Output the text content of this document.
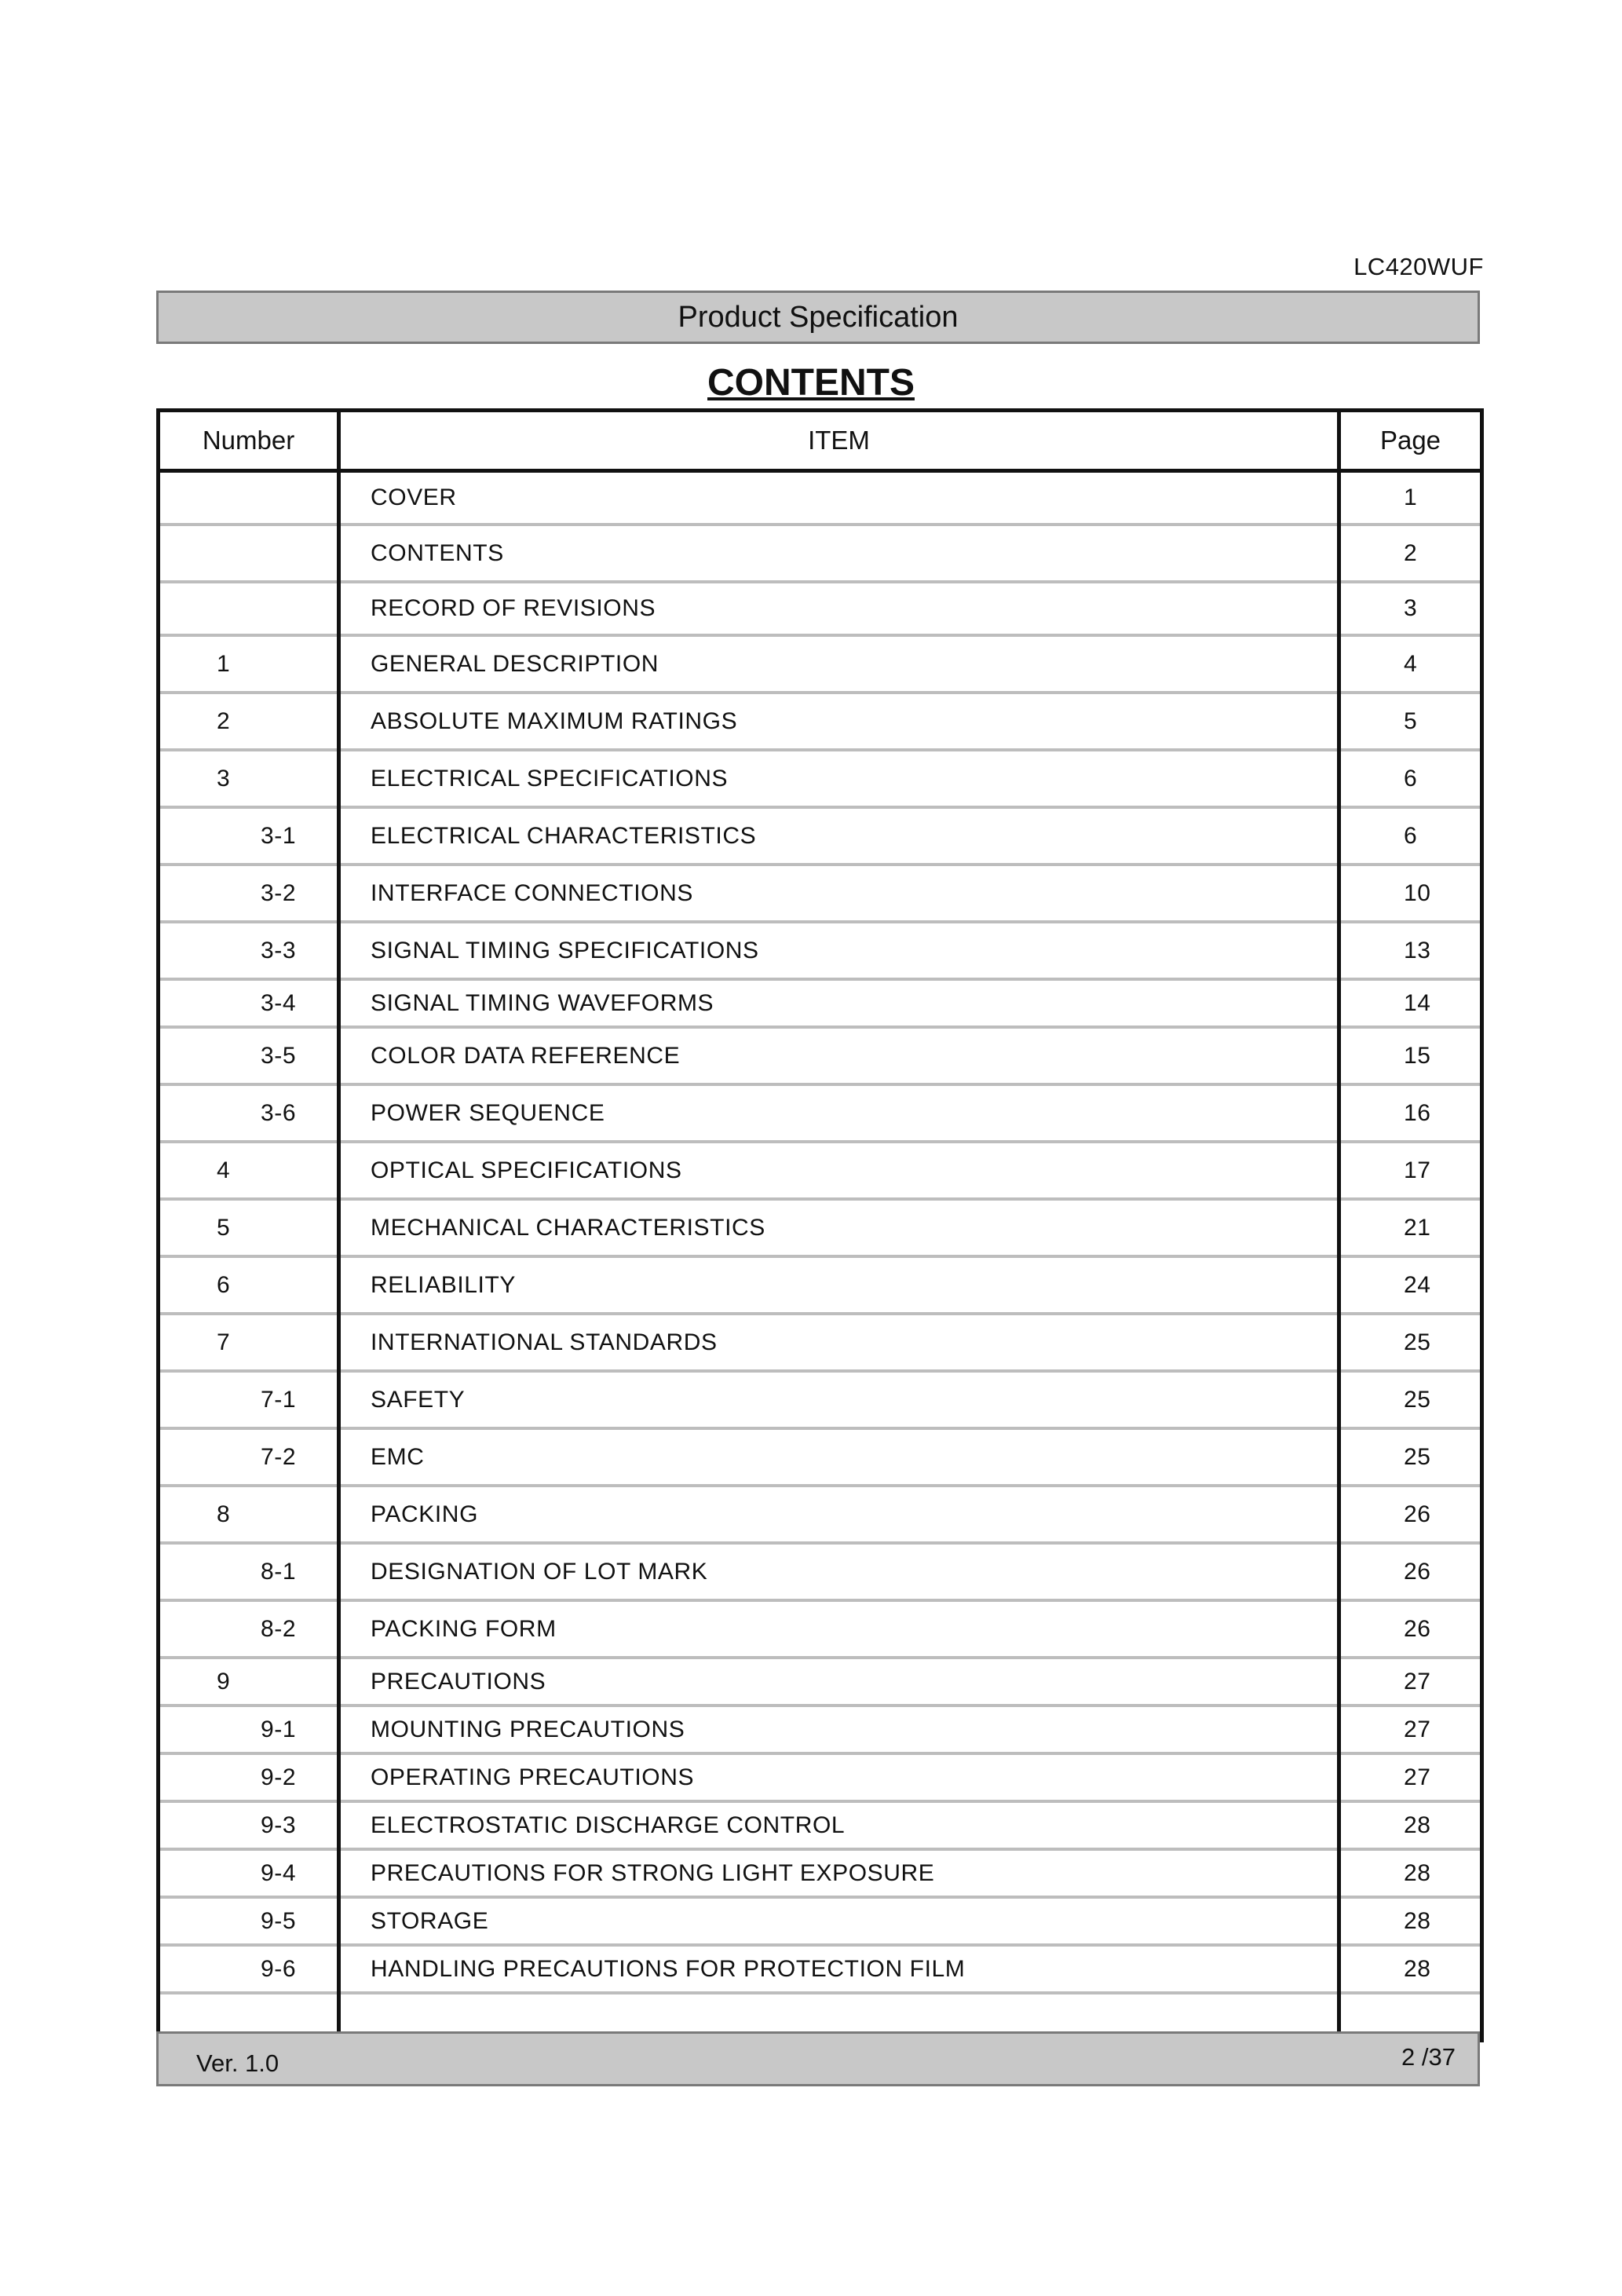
LC420WUF
Product Specification
CONTENTS
Number	ITEM	Page
	COVER	1
	CONTENTS	2
	RECORD OF REVISIONS	3
1	GENERAL DESCRIPTION	4
2	ABSOLUTE MAXIMUM RATINGS	5
3	ELECTRICAL SPECIFICATIONS	6
3-1	ELECTRICAL CHARACTERISTICS	6
3-2	INTERFACE CONNECTIONS	10
3-3	SIGNAL TIMING SPECIFICATIONS	13
3-4	SIGNAL TIMING WAVEFORMS	14
3-5	COLOR DATA REFERENCE	15
3-6	POWER SEQUENCE	16
4	OPTICAL SPECIFICATIONS	17
5	MECHANICAL CHARACTERISTICS	21
6	RELIABILITY	24
7	INTERNATIONAL STANDARDS	25
7-1	SAFETY	25
7-2	EMC	25
8	PACKING	26
8-1	DESIGNATION OF LOT MARK	26
8-2	PACKING FORM	26
9	PRECAUTIONS	27
9-1	MOUNTING PRECAUTIONS	27
9-2	OPERATING PRECAUTIONS	27
9-3	ELECTROSTATIC DISCHARGE CONTROL	28
9-4	PRECAUTIONS FOR STRONG LIGHT EXPOSURE	28
9-5	STORAGE	28
9-6	HANDLING PRECAUTIONS FOR PROTECTION FILM	28

Ver. 1.0	2 /37
